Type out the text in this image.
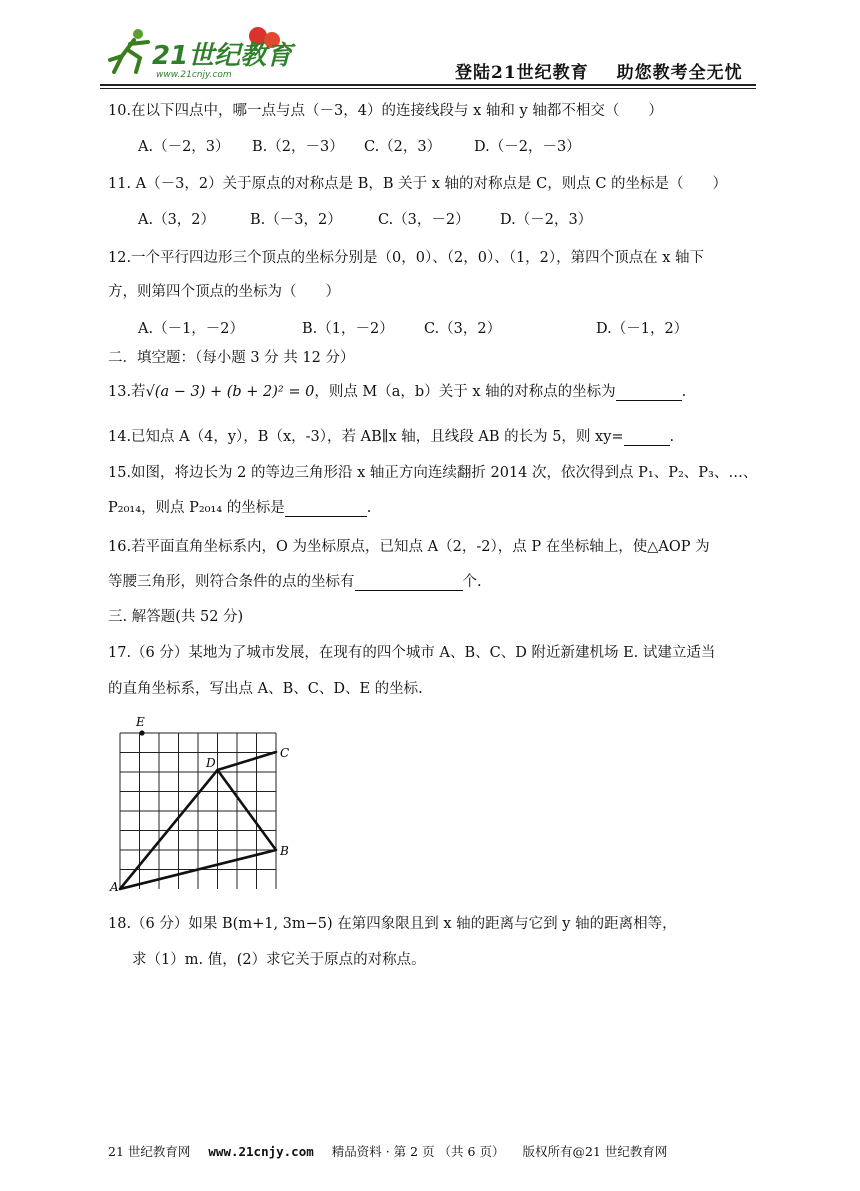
21世纪教育
www.21cnjy.com	登陆21世纪教育 助您教考全无忧
10.在以下四点中，哪一点与点（－3，4）的连接线段与 x 轴和 y 轴都不相交（　　）
A.（－2，3） B.（2，－3） C.（2，3） D.（－2，－3）
11. A（－3，2）关于原点的对称点是 B，B 关于 x 轴的对称点是 C，则点 C 的坐标是（　　）
A.（3，2） B.（－3，2）	C.（3，－2） D.（－2，3）
12.一个平行四边形三个顶点的坐标分别是（0，0）、（2，0）、（1，2），第四个顶点在 x 轴下
方，则第四个顶点的坐标为（　　）
A.（－1，－2）	B.（1，－2） C.（3，2）	D.（－1，2）
二．填空题：（每小题 3 分 共 12 分）
13.若√(a − 3) + (b + 2)² = 0，则点 M（a，b）关于 x 轴的对称点的坐标为	.
14.已知点 A（4，y），B（x，-3），若 AB∥x 轴，且线段 AB 的长为 5，则 xy=	.
15.如图，将边长为 2 的等边三角形沿 x 轴正方向连续翻折 2014 次，依次得到点 P₁、P₂、P₃、…、
P₂₀₁₄，则点 P₂₀₁₄ 的坐标是	.
16.若平面直角坐标系内，O 为坐标原点，已知点 A（2，-2），点 P 在坐标轴上，使△AOP 为
等腰三角形，则符合条件的点的坐标有	个.
三. 解答题(共 52 分)
17.（6 分）某地为了城市发展，在现有的四个城市 A、B、C、D 附近新建机场 E. 试建立适当
的直角坐标系，写出点 A、B、C、D、E 的坐标.
E
D
C
B
A
18.（6 分）如果 B(m+1, 3m−5) 在第四象限且到 x 轴的距离与它到 y 轴的距离相等，
求（1）m. 值，(2）求它关于原点的对称点。
21 世纪教育网 www.21cnjy.com 精品资料 · 第 2 页 （共 6 页） 版权所有@21 世纪教育网
